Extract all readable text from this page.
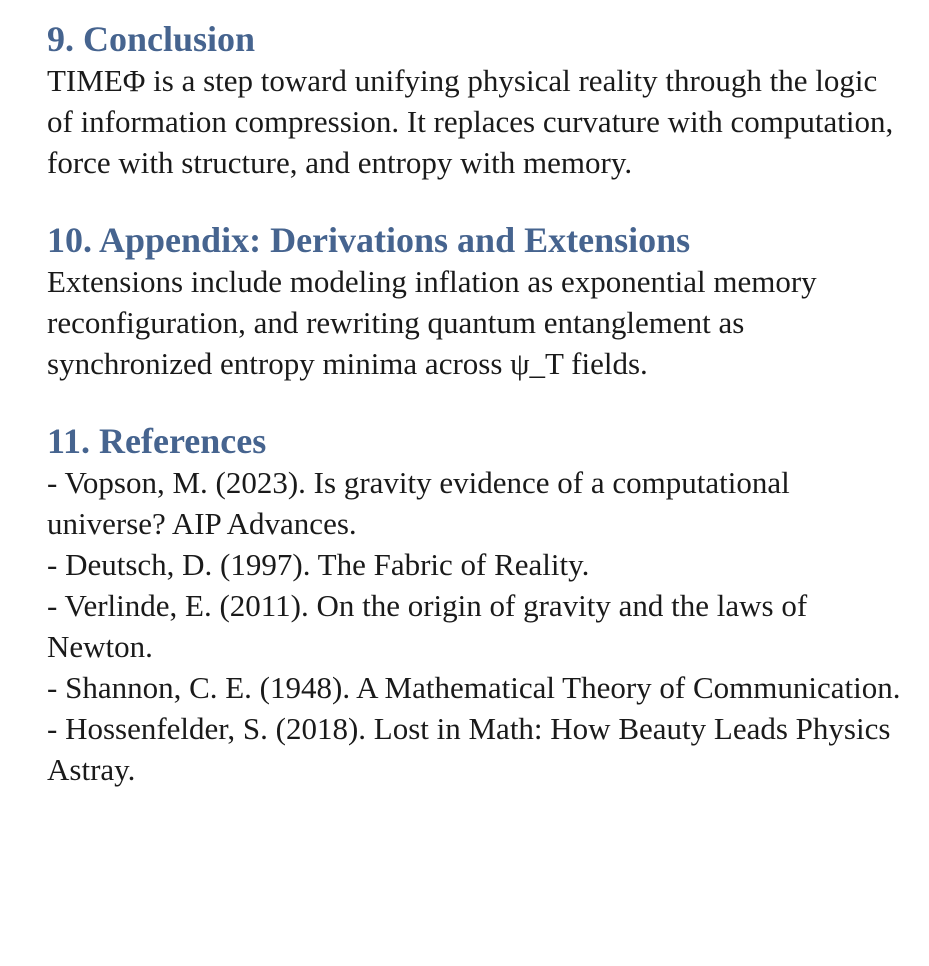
9. Conclusion

TIMEΦ is a step toward unifying physical reality through the logic of information compression. It replaces curvature with computation, force with structure, and entropy with memory.

10. Appendix: Derivations and Extensions

Extensions include modeling inflation as exponential memory reconfiguration, and rewriting quantum entanglement as synchronized entropy minima across ψ_T fields.

11. References
- Vopson, M. (2023). Is gravity evidence of a computational universe? AIP Advances.
- Deutsch, D. (1997). The Fabric of Reality.
- Verlinde, E. (2011). On the origin of gravity and the laws of Newton.
- Shannon, C. E. (1948). A Mathematical Theory of Communication.
- Hossenfelder, S. (2018). Lost in Math: How Beauty Leads Physics Astray.
